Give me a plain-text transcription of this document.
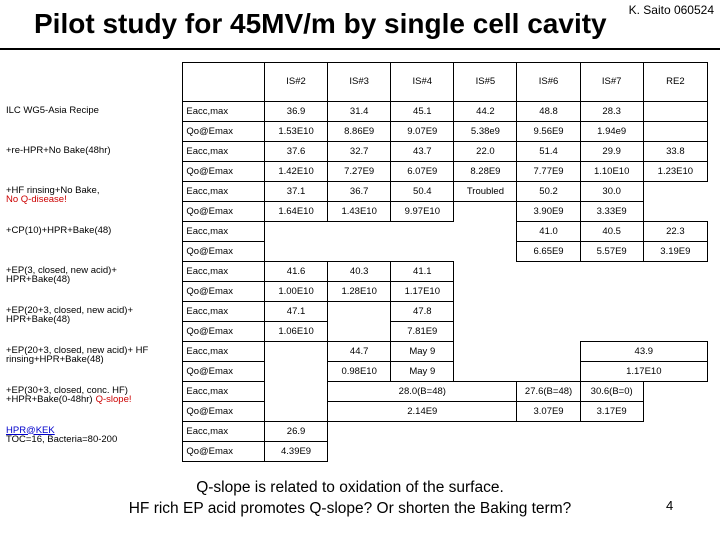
K. Saito 060524
Pilot study for 45MV/m by single cell cavity
		IS#2	IS#3	IS#4	IS#5	IS#6	IS#7	RE2
ILC WG5-Asia Recipe	Eacc,max	36.9	31.4	45.1	44.2	48.8	28.3	
	Qo@Emax	1.53E10	8.86E9	9.07E9	5.38e9	9.56E9	1.94e9	
+re-HPR+No Bake(48hr)	Eacc,max	37.6	32.7	43.7	22.0	51.4	29.9	33.8
	Qo@Emax	1.42E10	7.27E9	6.07E9	8.28E9	7.77E9	1.10E10	1.23E10
+HF rinsing+No Bake,
No Q-disease!	Eacc,max	37.1	36.7	50.4	Troubled	50.2	30.0	
	Qo@Emax	1.64E10	1.43E10	9.97E10		3.90E9	3.33E9	
+CP(10)+HPR+Bake(48)	Eacc,max					41.0	40.5	22.3
	Qo@Emax					6.65E9	5.57E9	3.19E9
+EP(3, closed, new acid)+ HPR+Bake(48)	Eacc,max	41.6	40.3	41.1				
	Qo@Emax	1.00E10	1.28E10	1.17E10				
+EP(20+3, closed, new acid)+ HPR+Bake(48)	Eacc,max	47.1		47.8				
	Qo@Emax	1.06E10		7.81E9				
+EP(20+3, closed, new acid)+ HF rinsing+HPR+Bake(48)	Eacc,max		44.7	May 9			43.9	
	Qo@Emax		0.98E10	May 9			1.17E10	
+EP(30+3, closed, conc. HF) +HPR+Bake(0-48hr) Q-slope!	Eacc,max		28.0(B=48)			27.6(B=48)	30.6(B=0)	
	Qo@Emax		2.14E9			3.07E9	3.17E9	
HPR@KEK
TOC=16, Bacteria=80-200	Eacc,max	26.9						
	Qo@Emax	4.39E9						
Q-slope is related to oxidation of the surface.
HF rich EP acid promotes Q-slope? Or shorten the Baking term?	4
